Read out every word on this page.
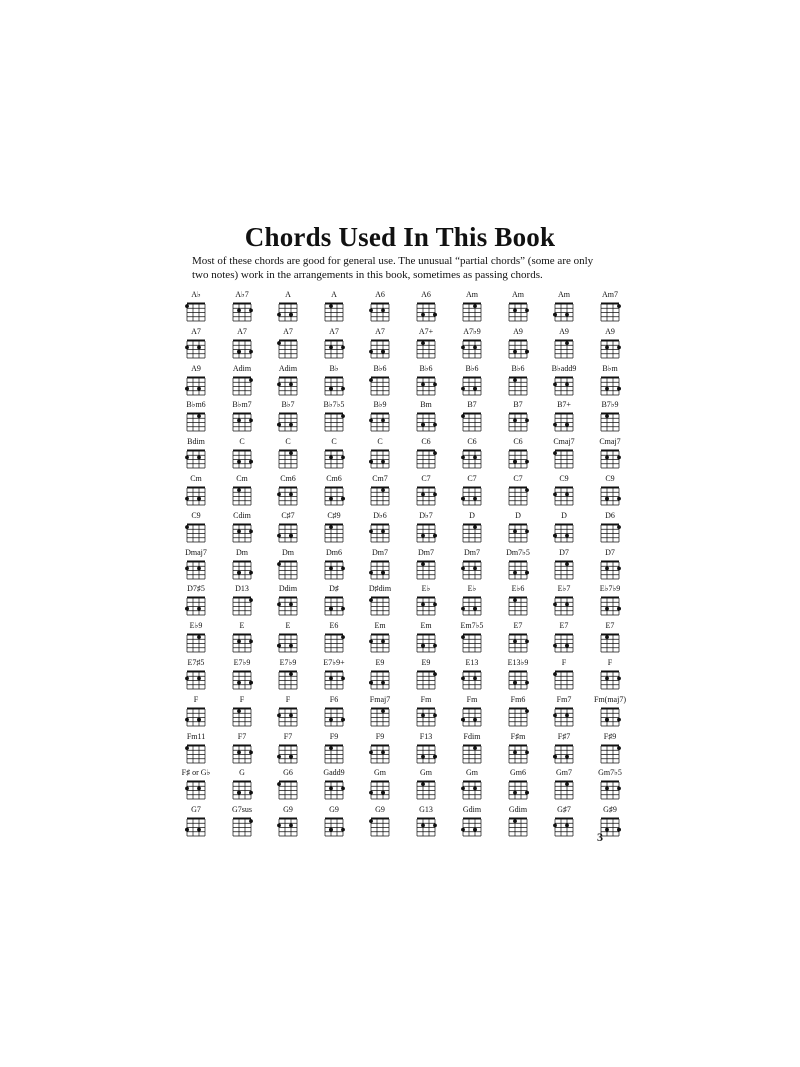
Chords Used In This Book

Most of these chords are good for general use. The unusual “partial chords” (some are only two notes) work in the arrangements in this book, sometimes as passing chords.

A♭	A♭7	A	A	A6	A6	Am	Am	Am	Am7
A7	A7	A7	A7	A7	A7+	A7♭9	A9	A9	A9
A9	Adim	Adim	B♭	B♭6	B♭6	B♭6	B♭6	B♭add9	B♭m
B♭m6	B♭m7	B♭7	B♭7♭5	B♭9	Bm	B7	B7	B7+	B7♭9
Bdim	C	C	C	C	C6	C6	C6	Cmaj7	Cmaj7
Cm	Cm	Cm6	Cm6	Cm7	C7	C7	C7	C9	C9
C9	Cdim	C♯7	C♯9	D♭6	D♭7	D	D	D	D6
Dmaj7	Dm	Dm	Dm6	Dm7	Dm7	Dm7	Dm7♭5	D7	D7
D7♯5	D13	Ddim	D♯	D♯dim	E♭	E♭	E♭6	E♭7	E♭7♭9
E♭9	E	E	E6	Em	Em	Em7♭5	E7	E7	E7
E7♯5	E7♭9	E7♭9	E7♭9+	E9	E9	E13	E13♭9	F	F
F	F	F	F6	Fmaj7	Fm	Fm	Fm6	Fm7	Fm(maj7)
Fm11	F7	F7	F9	F9	F13	Fdim	F♯m	F♯7	F♯9
F♯ or G♭	G	G6	Gadd9	Gm	Gm	Gm	Gm6	Gm7	Gm7♭5
G7	G7sus	G9	G9	G9	G13	Gdim	Gdim	G♯7	G♯9

3
